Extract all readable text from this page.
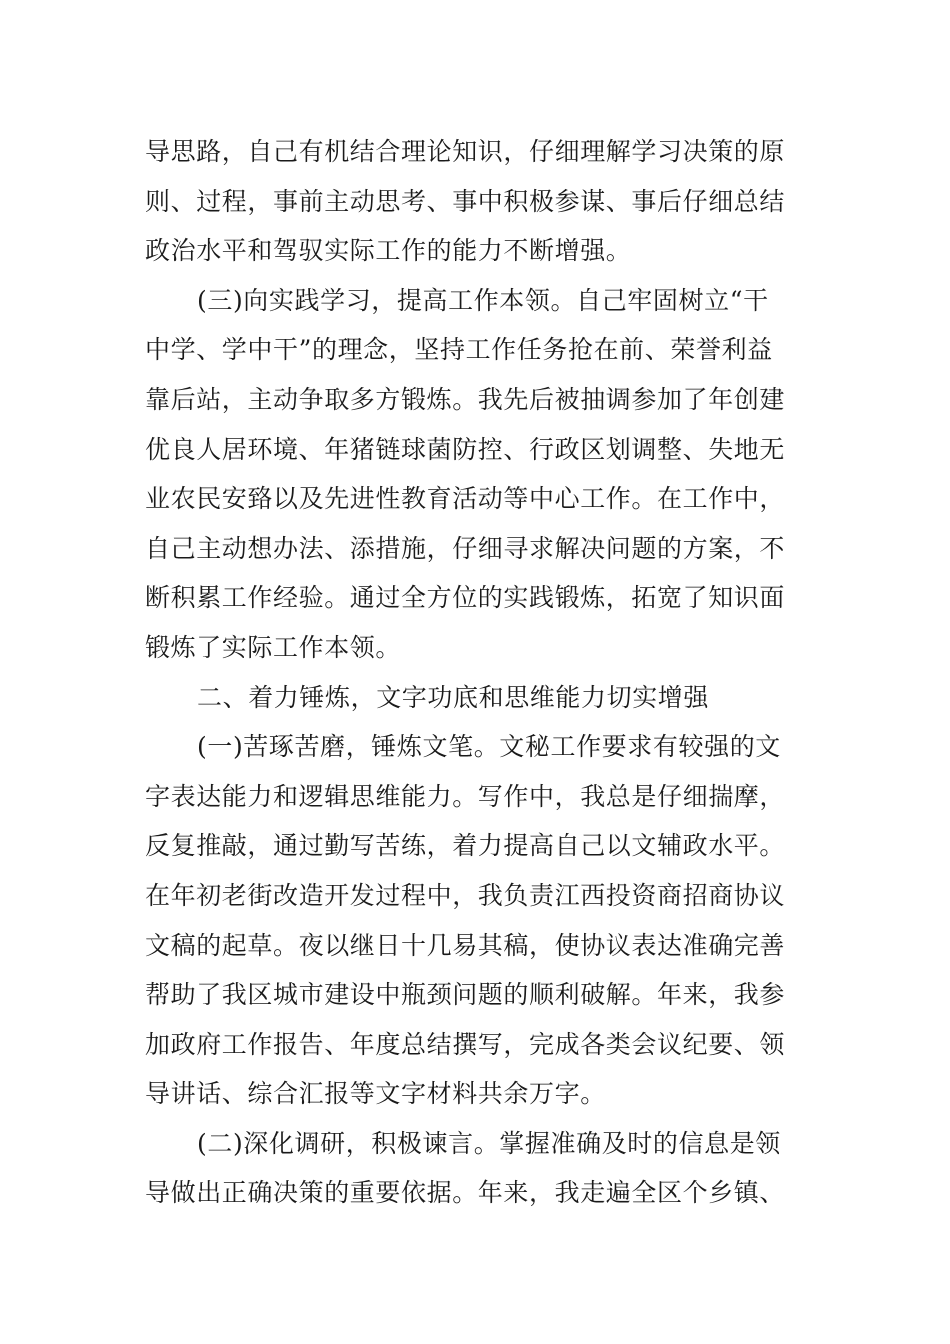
导思路，自己有机结合理论知识，仔细理解学习决策的原
则、过程，事前主动思考、事中积极参谋、事后仔细总结
政治水平和驾驭实际工作的能力不断增强。
(三)向实践学习，提高工作本领。自己牢固树立“干
中学、学中干”的理念，坚持工作任务抢在前、荣誉利益
靠后站，主动争取多方锻炼。我先后被抽调参加了年创建
优良人居环境、年猪链球菌防控、行政区划调整、失地无
业农民安臵以及先进性教育活动等中心工作。在工作中，
自己主动想办法、添措施，仔细寻求解决问题的方案，不
断积累工作经验。通过全方位的实践锻炼，拓宽了知识面
锻炼了实际工作本领。
二、着力锤炼，文字功底和思维能力切实增强
(一)苦琢苦磨，锤炼文笔。文秘工作要求有较强的文
字表达能力和逻辑思维能力。写作中，我总是仔细揣摩，
反复推敲，通过勤写苦练，着力提高自己以文辅政水平。
在年初老街改造开发过程中，我负责江西投资商招商协议
文稿的起草。夜以继日十几易其稿，使协议表达准确完善
帮助了我区城市建设中瓶颈问题的顺利破解。年来，我参
加政府工作报告、年度总结撰写，完成各类会议纪要、领
导讲话、综合汇报等文字材料共余万字。
(二)深化调研，积极谏言。掌握准确及时的信息是领
导做出正确决策的重要依据。年来，我走遍全区个乡镇、
